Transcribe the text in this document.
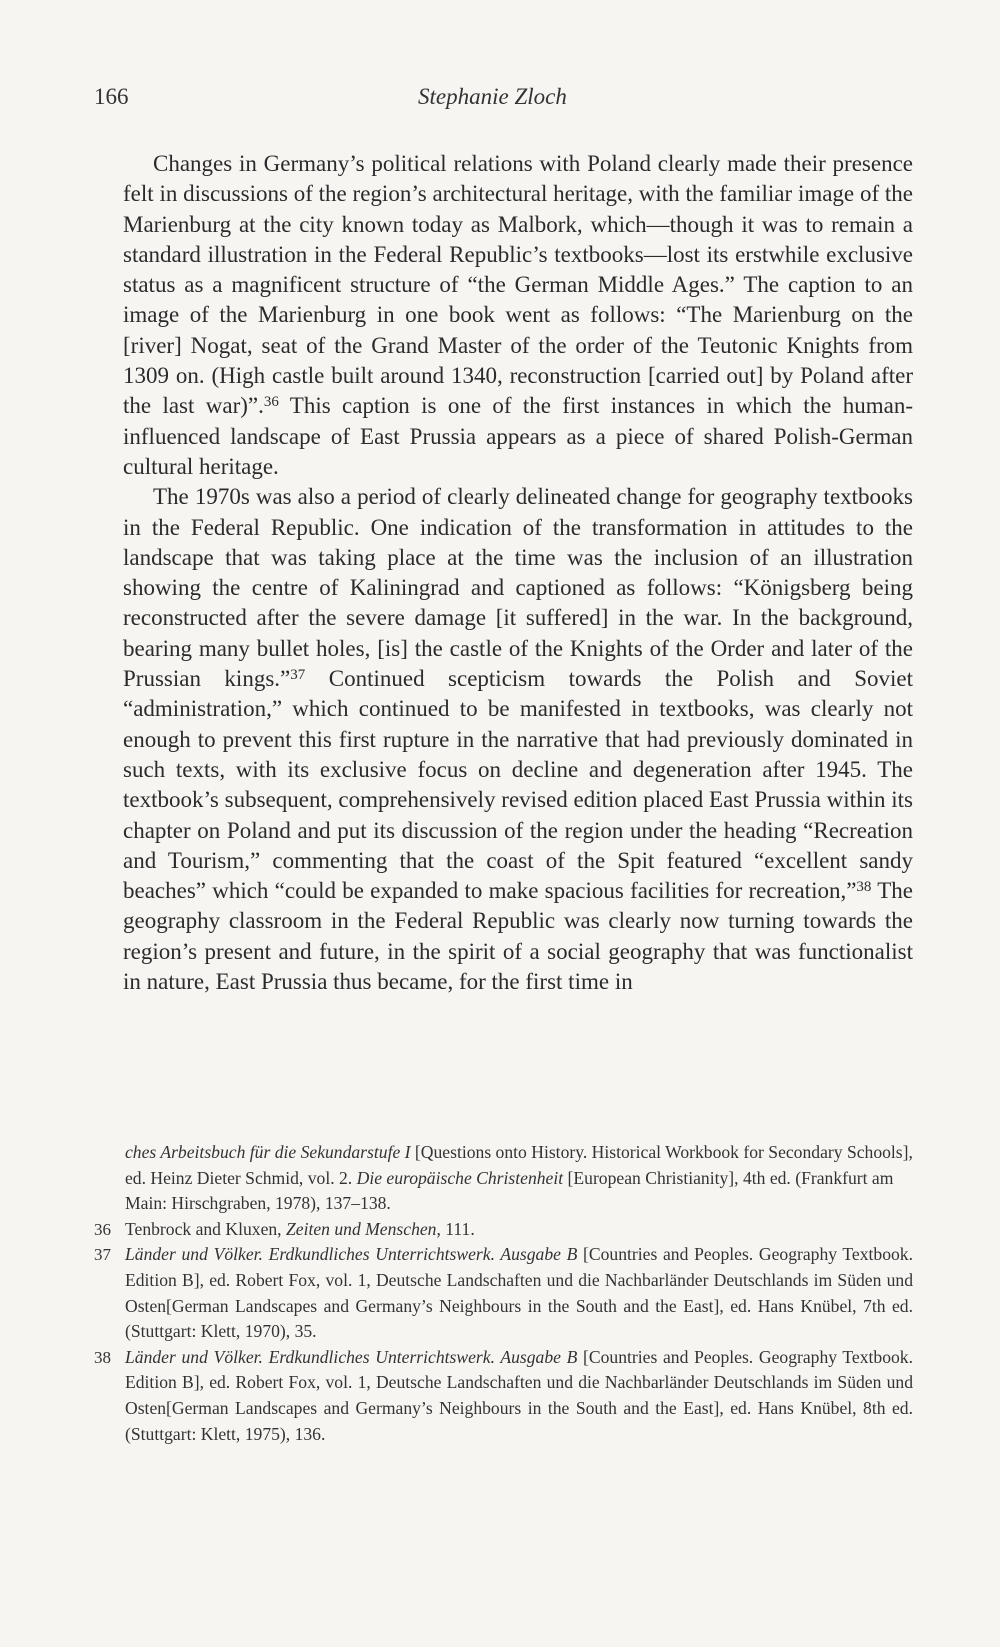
166	Stephanie Zloch

Changes in Germany’s political relations with Poland clearly made their presence felt in discussions of the region’s architectural heritage, with the familiar image of the Marienburg at the city known today as Malbork, which—though it was to remain a standard illustration in the Federal Republic’s textbooks—lost its erstwhile exclusive status as a magnificent structure of “the German Middle Ages.” The caption to an image of the Marienburg in one book went as follows: “The Marienburg on the [river] Nogat, seat of the Grand Master of the order of the Teutonic Knights from 1309 on. (High castle built around 1340, reconstruction [carried out] by Poland after the last war)”.$^{36}$ This caption is one of the first instances in which the human-influenced landscape of East Prussia appears as a piece of shared Polish-German cultural heritage.

The 1970s was also a period of clearly delineated change for geography textbooks in the Federal Republic. One indication of the transformation in attitudes to the landscape that was taking place at the time was the inclusion of an illustration showing the centre of Kaliningrad and captioned as follows: “Königsberg being reconstructed after the severe damage [it suffered] in the war. In the background, bearing many bullet holes, [is] the castle of the Knights of the Order and later of the Prussian kings.”$^{37}$ Continued scepticism towards the Polish and Soviet “administration,” which continued to be manifested in textbooks, was clearly not enough to prevent this first rupture in the narrative that had previously dominated in such texts, with its exclusive focus on decline and degeneration after 1945. The textbook’s subsequent, comprehensively revised edition placed East Prussia within its chapter on Poland and put its discussion of the region under the heading “Recreation and Tourism,” commenting that the coast of the Spit featured “excellent sandy beaches” which “could be expanded to make spacious facilities for recreation,”$^{38}$ The geography classroom in the Federal Republic was clearly now turning towards the region’s present and future, in the spirit of a social geography that was functionalist in nature, East Prussia thus became, for the first time in

ches Arbeitsbuch für die Sekundarstufe I [Questions onto History. Historical Workbook for Secondary Schools], ed. Heinz Dieter Schmid, vol. 2. Die europäische Christenheit [European Christianity], 4th ed. (Frankfurt am Main: Hirschgraben, 1978), 137–138.
36 Tenbrock and Kluxen, Zeiten und Menschen, 111.
37 Länder und Völker. Erdkundliches Unterrichtswerk. Ausgabe B [Countries and Peoples. Geography Textbook. Edition B], ed. Robert Fox, vol. 1, Deutsche Landschaften und die Nachbarländer Deutschlands im Süden und Osten[German Landscapes and Germany’s Neighbours in the South and the East], ed. Hans Knübel, 7th ed. (Stuttgart: Klett, 1970), 35.
38 Länder und Völker. Erdkundliches Unterrichtswerk. Ausgabe B [Countries and Peoples. Geography Textbook. Edition B], ed. Robert Fox, vol. 1, Deutsche Landschaften und die Nachbarländer Deutschlands im Süden und Osten[German Landscapes and Germany’s Neighbours in the South and the East], ed. Hans Knübel, 8th ed. (Stuttgart: Klett, 1975), 136.
